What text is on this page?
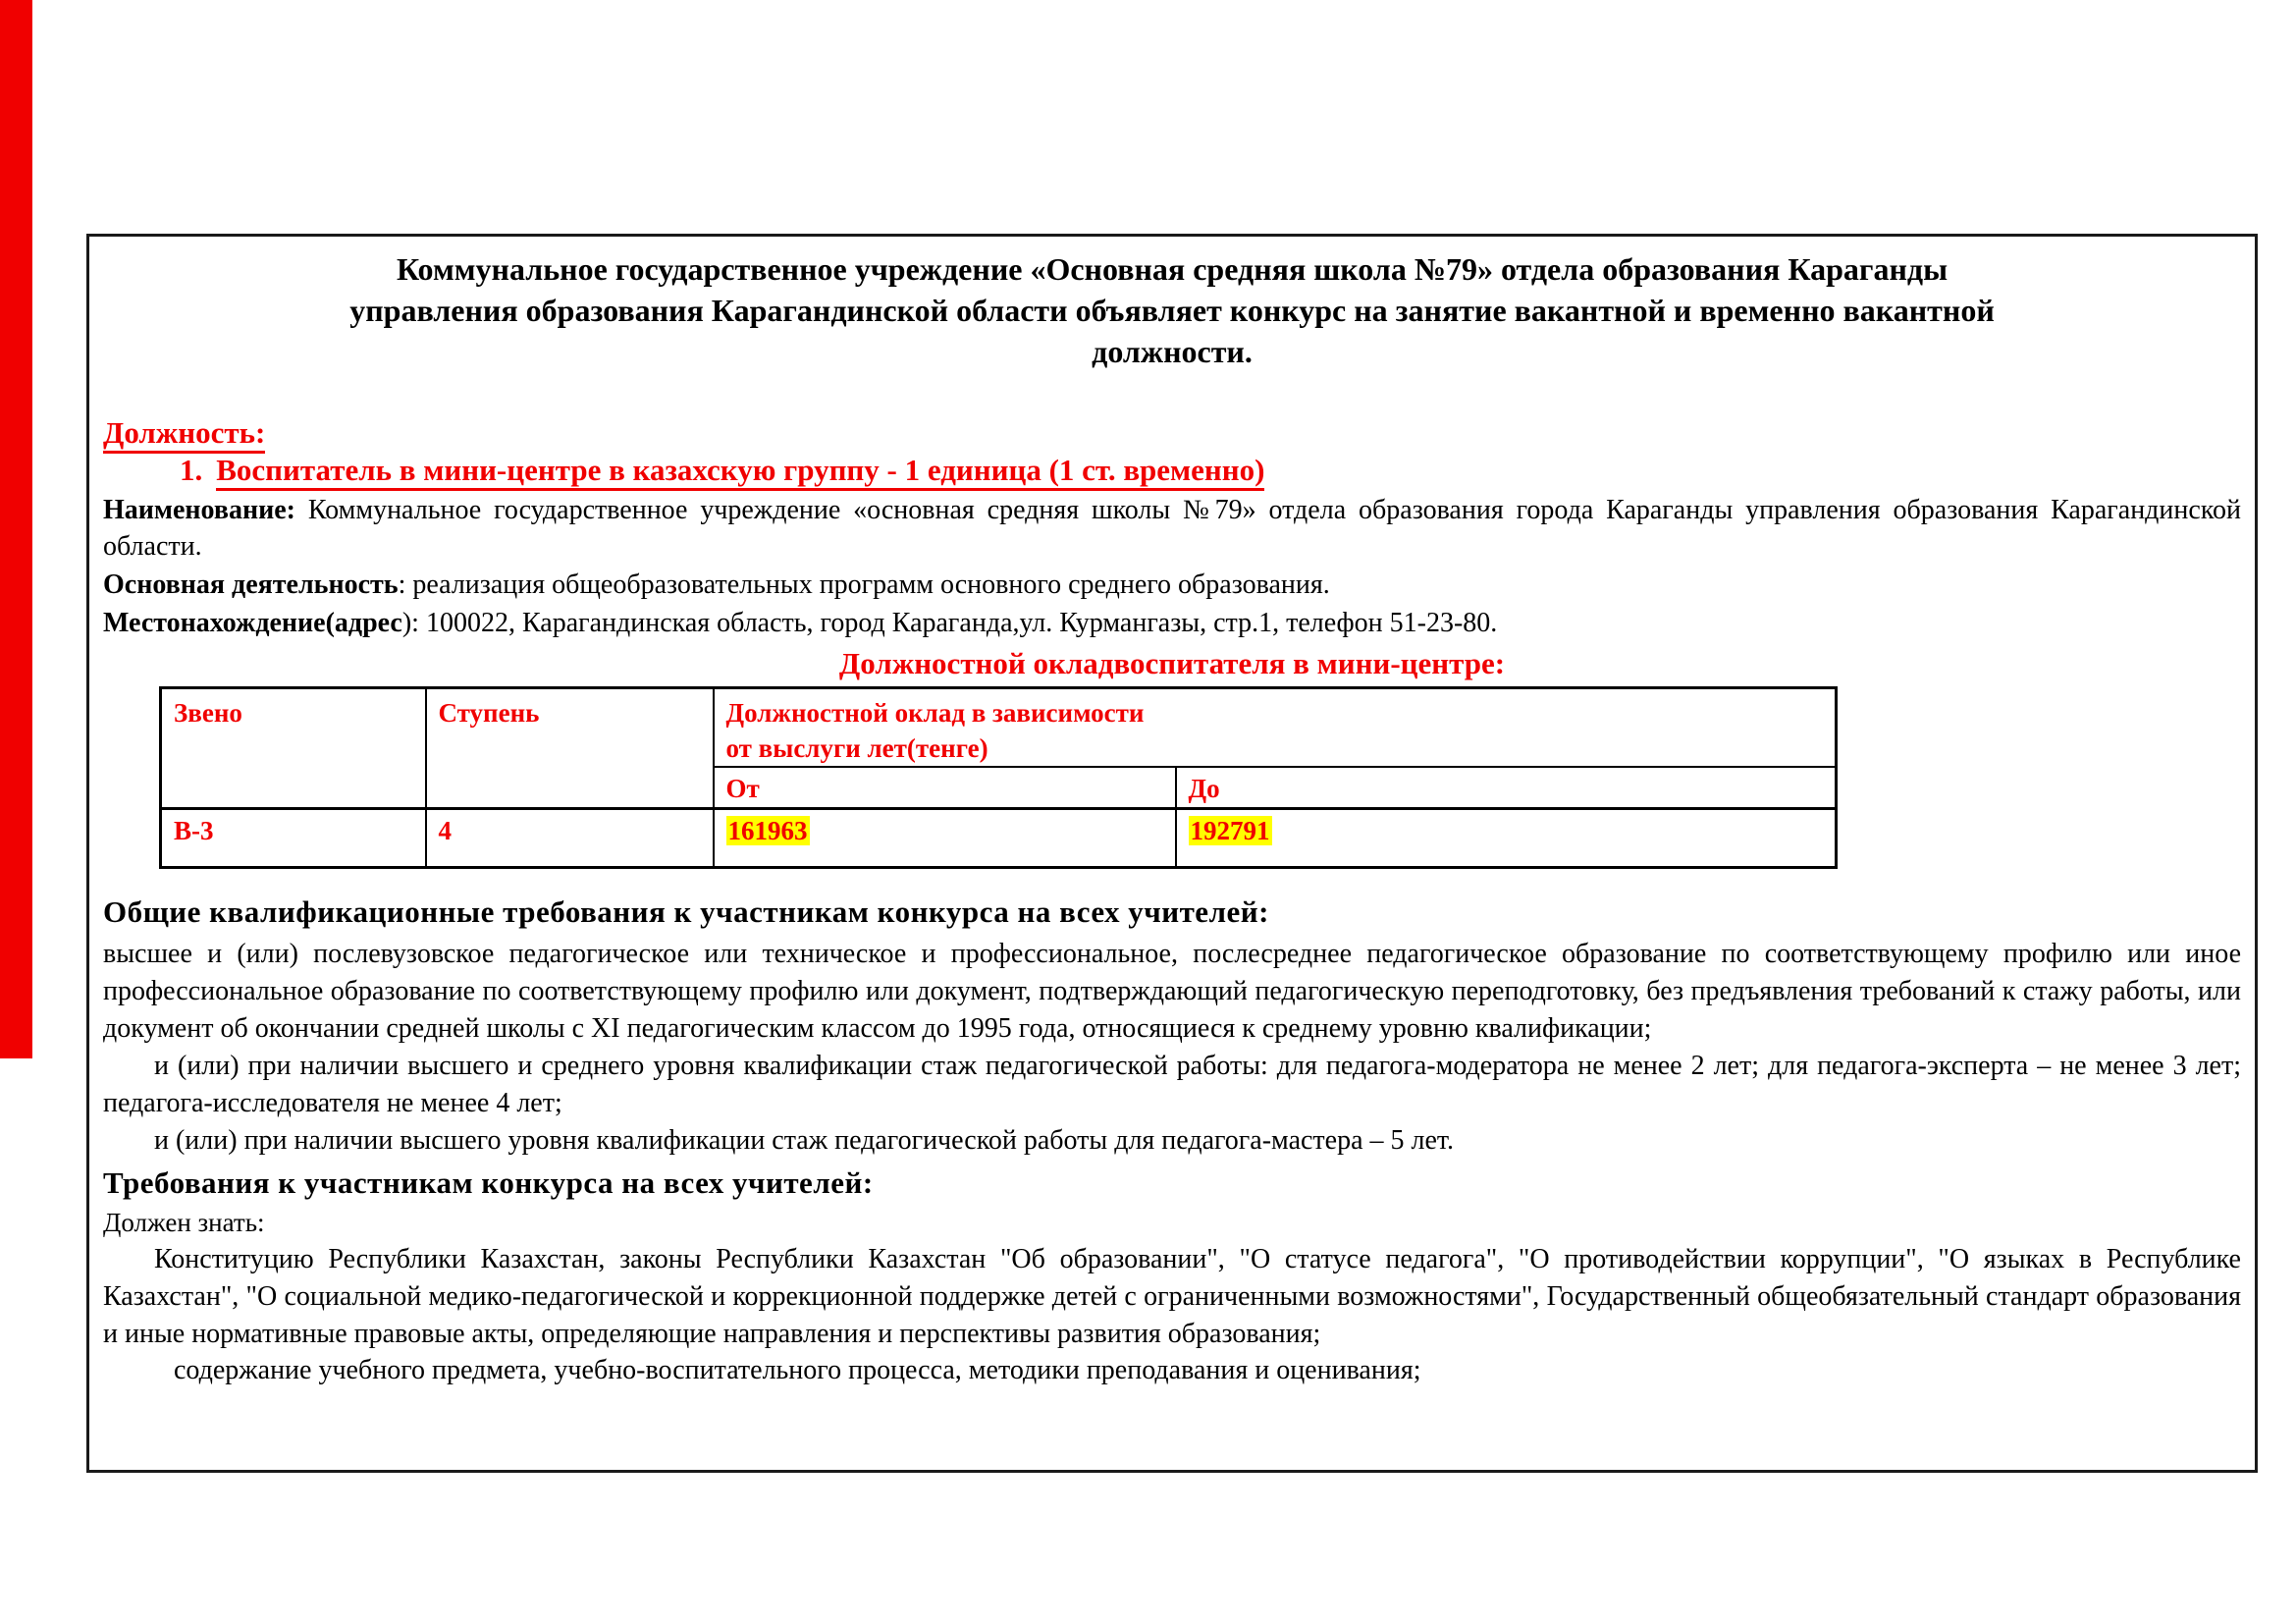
Коммунальное государственное учреждение «Основная средняя школа №79» отдела образования Караганды
управления образования Карагандинской области объявляет конкурс на занятие вакантной и временно вакантной
должности.
Должность:
1. Воспитатель в мини-центре в казахскую группу - 1 единица (1 ст. временно)

Наименование: Коммунальное государственное учреждение «основная средняя школы №79» отдела образования города Караганды управления образования Карагандинской области.

Основная деятельность: реализация общеобразовательных программ основного среднего образования.

Местонахождение(адрес): 100022, Карагандинская область, город Караганда,ул. Курмангазы, стр.1, телефон 51-23-80.

Должностной окладвоспитателя в мини-центре:
Звено	Ступень	Должностной оклад в зависимости
от выслуги лет(тенге)	

		От	До
В-3	4	161963	192791
Общие квалификационные требования к участникам конкурса на всех учителей:

высшее и (или) послевузовское педагогическое или техническое и профессиональное, послесреднее педагогическое образование по соответствующему профилю или иное профессиональное образование по соответствующему профилю или документ, подтверждающий педагогическую переподготовку, без предъявления требований к стажу работы, или документ об окончании средней школы с XI педагогическим классом до 1995 года, относящиеся к среднему уровню квалификации;

и (или) при наличии высшего и среднего уровня квалификации стаж педагогической работы: для педагога-модератора не менее 2 лет; для педагога-эксперта – не менее 3 лет; педагога-исследователя не менее 4 лет;

и (или) при наличии высшего уровня квалификации стаж педагогической работы для педагога-мастера – 5 лет.

Требования к участникам конкурса на всех учителей:

Должен знать:

Конституцию Республики Казахстан, законы Республики Казахстан "Об образовании", "О статусе педагога", "О противодействии коррупции", "О языках в Республике Казахстан", "О социальной медико-педагогической и коррекционной поддержке детей с ограниченными возможностями", Государственный общеобязательный стандарт образования и иные нормативные правовые акты, определяющие направления и перспективы развития образования;

содержание учебного предмета, учебно-воспитательного процесса, методики преподавания и оценивания;
